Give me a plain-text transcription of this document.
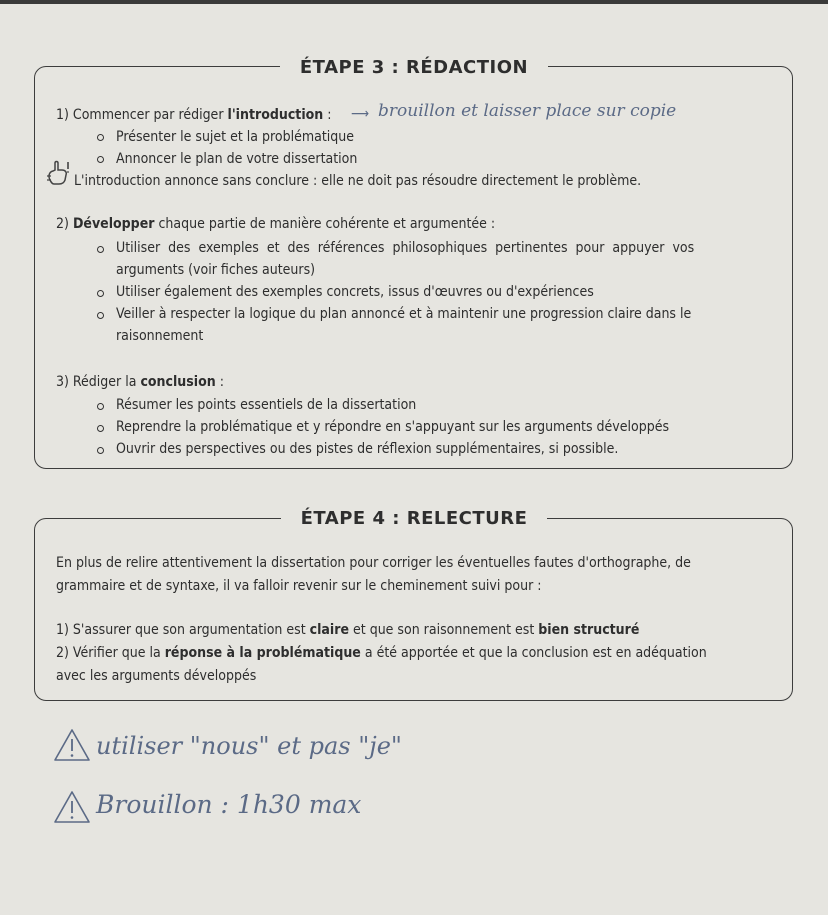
ÉTAPE 3 : RÉDACTION
1) Commencer par rédiger l'introduction : ⟶ brouillon et laisser place sur copie
Présenter le sujet et la problématique
Annoncer le plan de votre dissertation
L'introduction annonce sans conclure : elle ne doit pas résoudre directement le problème.
2) Développer chaque partie de manière cohérente et argumentée :
Utiliser  des  exemples  et  des  références  philosophiques  pertinentes  pour  appuyer  vos
arguments (voir fiches auteurs)
Utiliser également des exemples concrets, issus d'œuvres ou d'expériences
Veiller à respecter la logique du plan annoncé et à maintenir une progression claire dans le
raisonnement
3) Rédiger la conclusion :
Résumer les points essentiels de la dissertation
Reprendre la problématique et y répondre en s'appuyant sur les arguments développés
Ouvrir des perspectives ou des pistes de réflexion supplémentaires, si possible.
ÉTAPE 4 : RELECTURE
En plus de relire attentivement la dissertation pour corriger les éventuelles fautes d'orthographe, de
grammaire et de syntaxe, il va falloir revenir sur le cheminement suivi pour :
1) S'assurer que son argumentation est claire et que son raisonnement est bien structuré
2) Vérifier que la réponse à la problématique a été apportée et que la conclusion est en adéquation
avec les arguments développés
utiliser "nous" et pas "je"
Brouillon : 1h30 max
